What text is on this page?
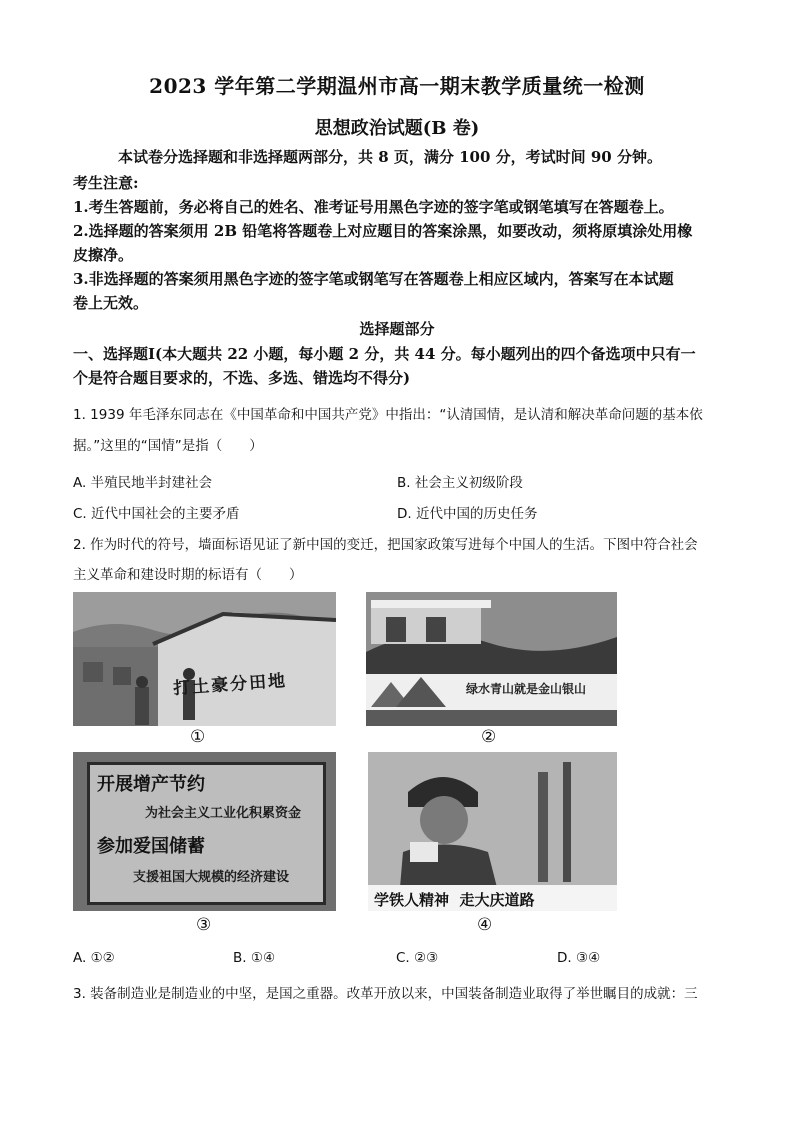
2023 学年第二学期温州市高一期末教学质量统一检测
思想政治试题(B 卷)
本试卷分选择题和非选择题两部分，共 8 页，满分 100 分，考试时间 90 分钟。
考生注意:
1.考生答题前，务必将自己的姓名、准考证号用黑色字迹的签字笔或钢笔填写在答题卷上。
2.选择题的答案须用 2B 铅笔将答题卷上对应题目的答案涂黑，如要改动，须将原填涂处用橡
皮擦净。
3.非选择题的答案须用黑色字迹的签字笔或钢笔写在答题卷上相应区域内，答案写在本试题
卷上无效。
选择题部分
一、选择题Ⅰ(本大题共 22 小题，每小题 2 分，共 44 分。每小题列出的四个备选项中只有一
个是符合题目要求的，不选、多选、错选均不得分)
1. 1939 年毛泽东同志在《中国革命和中国共产党》中指出：“认清国情，是认清和解决革命问题的基本依
据。”这里的“国情”是指（　　）
A. 半殖民地半封建社会	B. 社会主义初级阶段
C. 近代中国社会的主要矛盾	D. 近代中国的历史任务
2. 作为时代的符号，墙面标语见证了新中国的变迁，把国家政策写进每个中国人的生活。下图中符合社会
主义革命和建设时期的标语有（　　）
打土豪分田地
①
绿水青山就是金山银山
②
开展增产节约
为社会主义工业化积累资金
参加爱国储蓄
支援祖国大规模的经济建设
③
学铁人精神  走大庆道路
④
A. ①②	B. ①④	C. ②③	D. ③④
3. 装备制造业是制造业的中坚，是国之重器。改革开放以来，中国装备制造业取得了举世瞩目的成就：三
